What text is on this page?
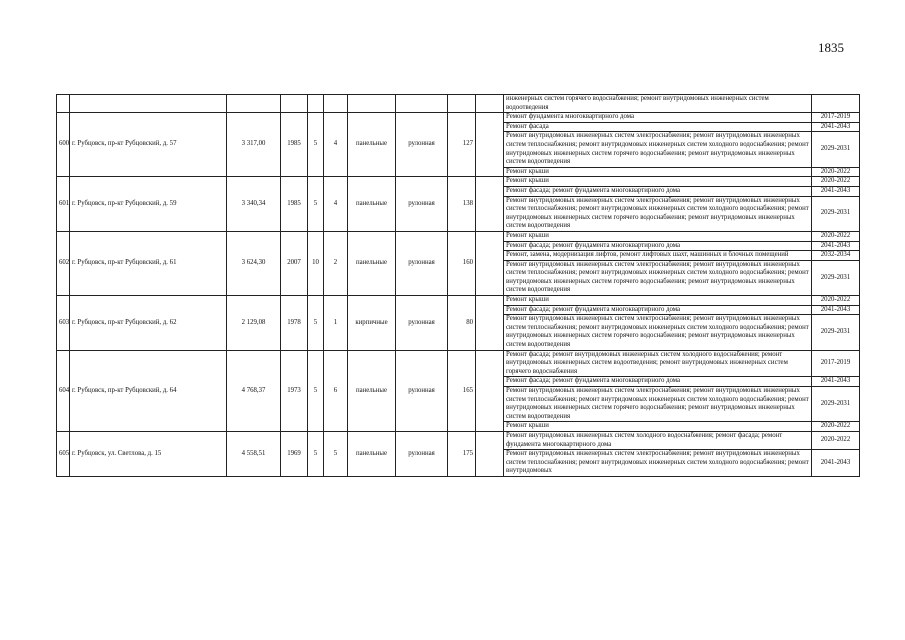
1835
										инженерных систем горячего водоснабжения; ремонт внутридомовых инженерных систем водоотведения	
600	г. Рубцовск, пр-кт Рубцовский, д. 57	3 317,00	1985	5	4	панельные	рулонная	127		Ремонт фундамента многоквартирного дома	2017-2019
										Ремонт фасада	2041-2043
										Ремонт внутридомовых инженерных систем электроснабжения; ремонт внутридомовых инженерных систем теплоснабжения; ремонт внутридомовых инженерных систем холодного водоснабжения; ремонт внутридомовых инженерных систем горячего водоснабжения; ремонт внутридомовых инженерных систем водоотведения	2029-2031
										Ремонт крыши	2020-2022
601	г. Рубцовск, пр-кт Рубцовский, д. 59	3 340,34	1985	5	4	панельные	рулонная	138		Ремонт крыши	2020-2022
										Ремонт фасада; ремонт фундамента многоквартирного дома	2041-2043
										Ремонт внутридомовых инженерных систем электроснабжения; ремонт внутридомовых инженерных систем теплоснабжения; ремонт внутридомовых инженерных систем холодного водоснабжения; ремонт внутридомовых инженерных систем горячего водоснабжения; ремонт внутридомовых инженерных систем водоотведения	2029-2031
602	г. Рубцовск, пр-кт Рубцовский, д. 61	3 624,30	2007	10	2	панельные	рулонная	160		Ремонт крыши	2020-2022
										Ремонт фасада; ремонт фундамента многоквартирного дома	2041-2043
										Ремонт, замена, модернизация лифтов, ремонт лифтовых шахт, машинных и блочных помещений	2032-2034
										Ремонт внутридомовых инженерных систем электроснабжения; ремонт внутридомовых инженерных систем теплоснабжения; ремонт внутридомовых инженерных систем холодного водоснабжения; ремонт внутридомовых инженерных систем горячего водоснабжения; ремонт внутридомовых инженерных систем водоотведения	2029-2031
603	г. Рубцовск, пр-кт Рубцовский, д. 62	2 129,08	1978	5	1	кирпичные	рулонная	80		Ремонт крыши	2020-2022
										Ремонт фасада; ремонт фундамента многоквартирного дома	2041-2043
										Ремонт внутридомовых инженерных систем электроснабжения; ремонт внутридомовых инженерных систем теплоснабжения; ремонт внутридомовых инженерных систем холодного водоснабжения; ремонт внутридомовых инженерных систем горячего водоснабжения; ремонт внутридомовых инженерных систем водоотведения	2029-2031
604	г. Рубцовск, пр-кт Рубцовский, д. 64	4 768,37	1973	5	6	панельные	рулонная	165		Ремонт фасада; ремонт внутридомовых инженерных систем холодного водоснабжения; ремонт внутридомовых инженерных систем водоотведения; ремонт внутридомовых инженерных систем горячего водоснабжения	2017-2019
										Ремонт фасада; ремонт фундамента многоквартирного дома	2041-2043
										Ремонт внутридомовых инженерных систем электроснабжения; ремонт внутридомовых инженерных систем теплоснабжения; ремонт внутридомовых инженерных систем холодного водоснабжения; ремонт внутридомовых инженерных систем горячего водоснабжения; ремонт внутридомовых инженерных систем водоотведения	2029-2031
										Ремонт крыши	2020-2022
605	г. Рубцовск, ул. Светлова, д. 15	4 558,51	1969	5	5	панельные	рулонная	175		Ремонт внутридомовых инженерных систем холодного водоснабжения; ремонт фасада; ремонт фундамента многоквартирного дома	2020-2022
										Ремонт внутридомовых инженерных систем электроснабжения; ремонт внутридомовых инженерных систем теплоснабжения; ремонт внутридомовых инженерных систем холодного водоснабжения; ремонт внутридомовых	2041-2043
